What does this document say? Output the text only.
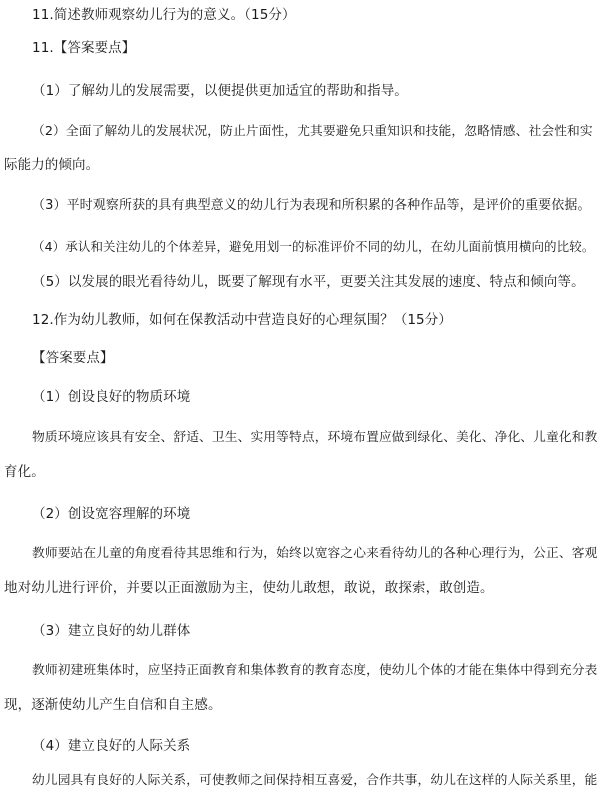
11.简述教师观察幼儿行为的意义。（15分）
11.【答案要点】
（1）了解幼儿的发展需要，以便提供更加适宜的帮助和指导。
（2）全面了解幼儿的发展状况，防止片面性，尤其要避免只重知识和技能，忽略情感、社会性和实
际能力的倾向。
（3）平时观察所获的具有典型意义的幼儿行为表现和所积累的各种作品等，是评价的重要依据。
（4）承认和关注幼儿的个体差异，避免用划一的标准评价不同的幼儿，在幼儿面前慎用横向的比较。
（5）以发展的眼光看待幼儿，既要了解现有水平，更要关注其发展的速度、特点和倾向等。
12.作为幼儿教师，如何在保教活动中营造良好的心理氛围？（15分）
【答案要点】
（1）创设良好的物质环境
物质环境应该具有安全、舒适、卫生、实用等特点，环境布置应做到绿化、美化、净化、儿童化和教
育化。
（2）创设宽容理解的环境
教师要站在儿童的角度看待其思维和行为，始终以宽容之心来看待幼儿的各种心理行为，公正、客观
地对幼儿进行评价，并要以正面激励为主，使幼儿敢想，敢说，敢探索，敢创造。
（3）建立良好的幼儿群体
教师初建班集体时，应坚持正面教育和集体教育的教育态度，使幼儿个体的才能在集体中得到充分表
现，逐渐使幼儿产生自信和自主感。
（4）建立良好的人际关系
幼儿园具有良好的人际关系，可使教师之间保持相互喜爱，合作共事，幼儿在这样的人际关系里，能
